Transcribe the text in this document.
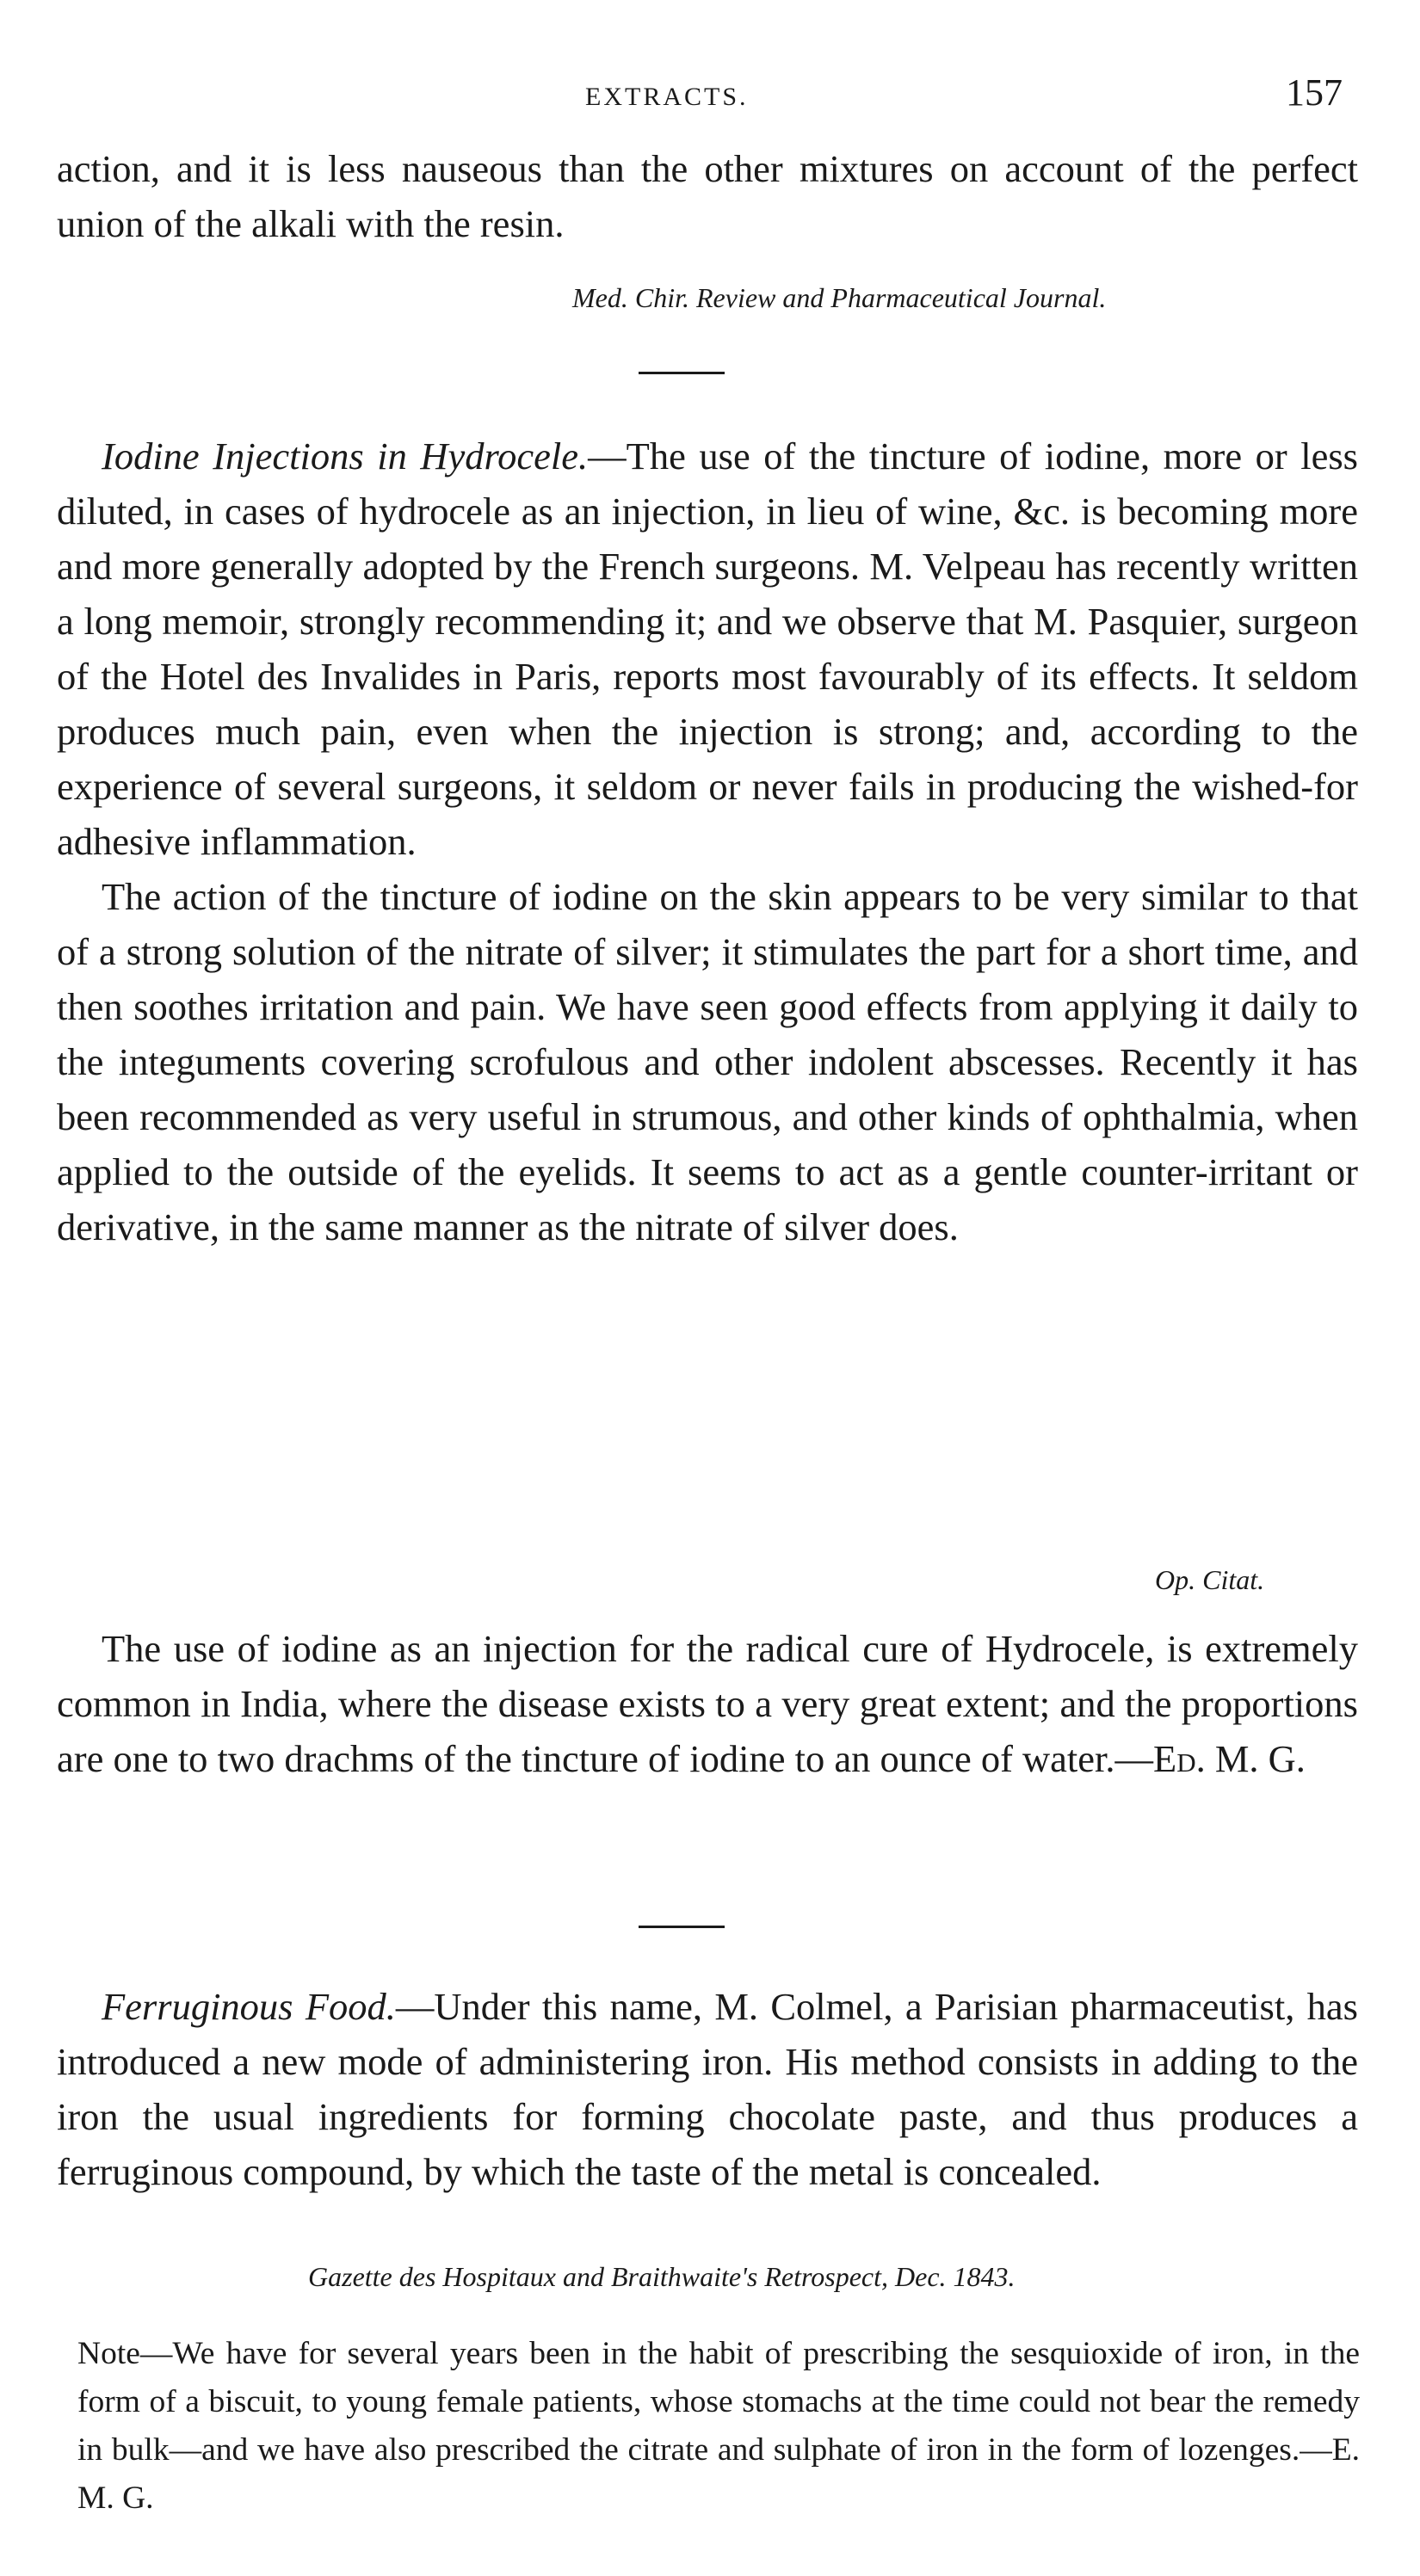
EXTRACTS.	157

action, and it is less nauseous than the other mixtures on account of the perfect union of the alkali with the resin.

Med. Chir. Review and Pharmaceutical Journal.

Iodine Injections in Hydrocele.—The use of the tincture of iodine, more or less diluted, in cases of hydrocele as an injection, in lieu of wine, &c. is becoming more and more generally adopted by the French surgeons. M. Velpeau has recently written a long memoir, strongly recommending it; and we observe that M. Pasquier, surgeon of the Hotel des Invalides in Paris, reports most favourably of its effects. It seldom produces much pain, even when the injection is strong; and, according to the experience of several surgeons, it seldom or never fails in producing the wished-for adhesive inflammation.

The action of the tincture of iodine on the skin appears to be very similar to that of a strong solution of the nitrate of silver; it stimulates the part for a short time, and then soothes irritation and pain. We have seen good effects from applying it daily to the integuments covering scrofulous and other indolent abscesses. Recently it has been recommended as very useful in strumous, and other kinds of ophthalmia, when applied to the outside of the eyelids. It seems to act as a gentle counter-irritant or derivative, in the same manner as the nitrate of silver does.

Op. Citat.

The use of iodine as an injection for the radical cure of Hydrocele, is extremely common in India, where the disease exists to a very great extent; and the proportions are one to two drachms of the tincture of iodine to an ounce of water.—Ed. M. G.

Ferruginous Food.—Under this name, M. Colmel, a Parisian pharmaceutist, has introduced a new mode of administering iron. His method consists in adding to the iron the usual ingredients for forming chocolate paste, and thus produces a ferruginous compound, by which the taste of the metal is concealed.

Gazette des Hospitaux and Braithwaite's Retrospect, Dec. 1843.

Note—We have for several years been in the habit of prescribing the sesquioxide of iron, in the form of a biscuit, to young female patients, whose stomachs at the time could not bear the remedy in bulk—and we have also prescribed the citrate and sulphate of iron in the form of lozenges.—E. M. G.
